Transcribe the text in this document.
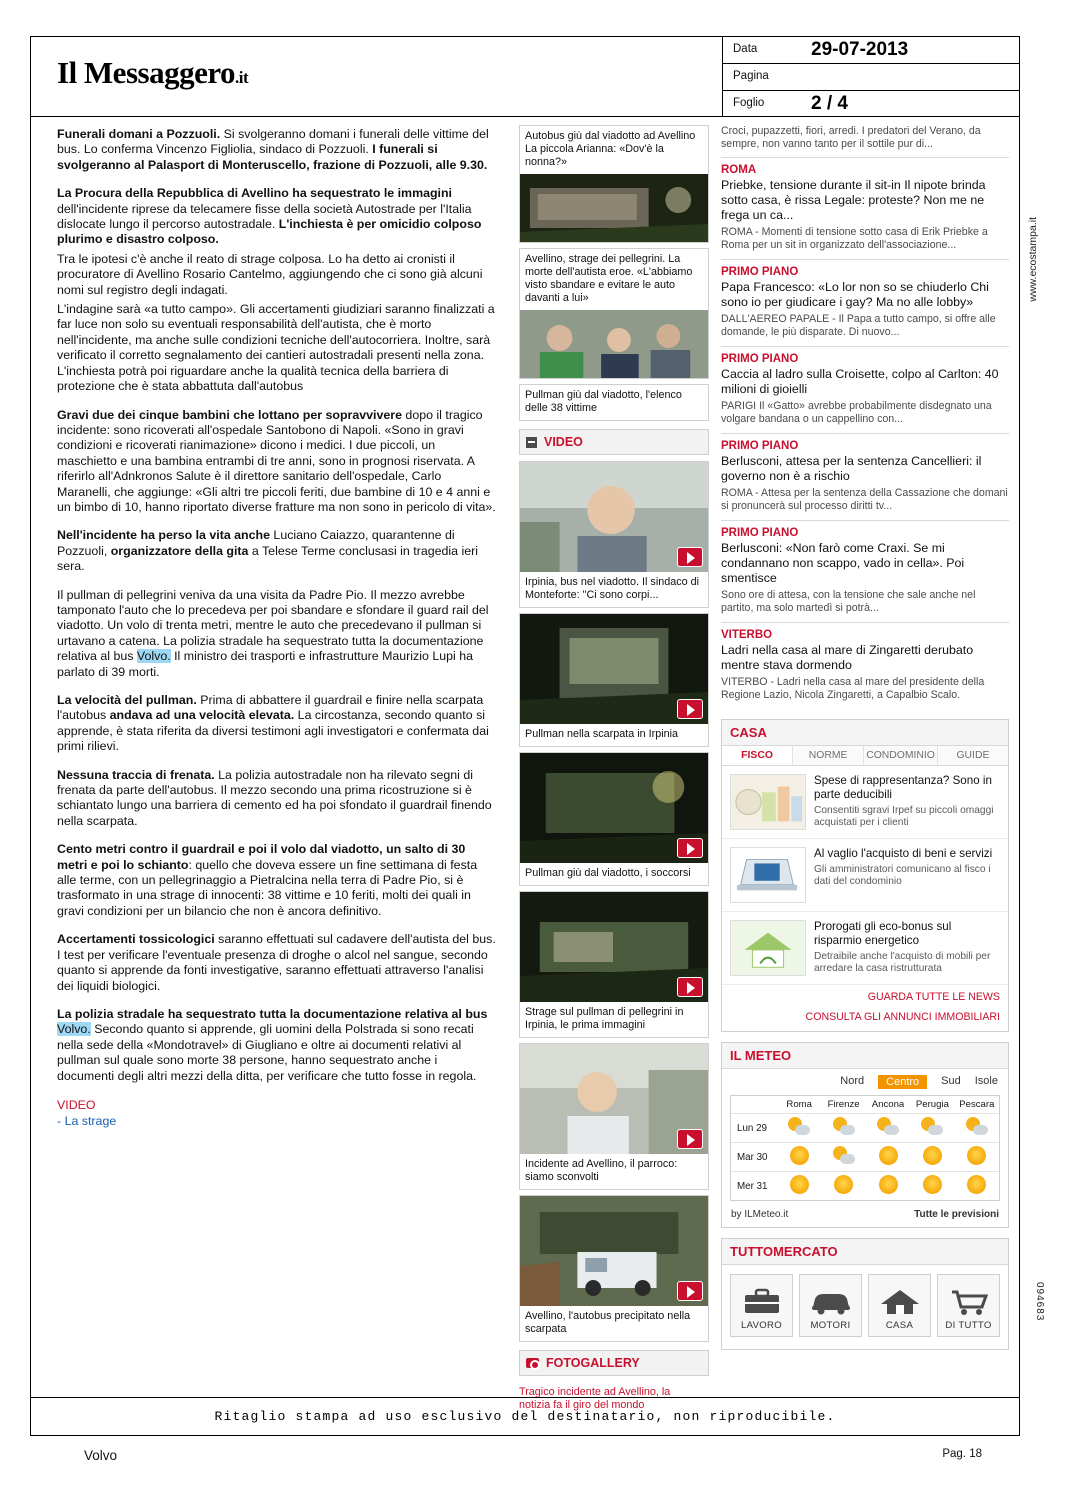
Il Messaggero.it
Data	29-07-2013
Pagina
Foglio 2 / 4
www.ecostampa.it
094683

Funerali domani a Pozzuoli. Si svolgeranno domani i funerali delle vittime del bus. Lo conferma Vincenzo Figliolia, sindaco di Pozzuoli. I funerali si svolgeranno al Palasport di Monteruscello, frazione di Pozzuoli, alle 9.30.

La Procura della Repubblica di Avellino ha sequestrato le immagini dell'incidente riprese da telecamere fisse della società Autostrade per l'Italia dislocate lungo il percorso autostradale. L'inchiesta è per omicidio colposo plurimo e disastro colposo.

Tra le ipotesi c'è anche il reato di strage colposa. Lo ha detto ai cronisti il procuratore di Avellino Rosario Cantelmo, aggiungendo che ci sono già alcuni nomi sul registro degli indagati.

L'indagine sarà «a tutto campo». Gli accertamenti giudiziari saranno finalizzati a far luce non solo su eventuali responsabilità dell'autista, che è morto nell'incidente, ma anche sulle condizioni tecniche dell'autocorriera. Inoltre, sarà verificato il corretto segnalamento dei cantieri autostradali presenti nella zona. L'inchiesta potrà poi riguardare anche la qualità tecnica della barriera di protezione che è stata abbattuta dall'autobus

Gravi due dei cinque bambini che lottano per sopravvivere dopo il tragico incidente: sono ricoverati all'ospedale Santobono di Napoli. «Sono in gravi condizioni e ricoverati rianimazione» dicono i medici. I due piccoli, un maschietto e una bambina entrambi di tre anni, sono in prognosi riservata. A riferirlo all'Adnkronos Salute è il direttore sanitario dell'ospedale, Carlo Maranelli, che aggiunge: «Gli altri tre piccoli feriti, due bambine di 10 e 4 anni e un bimbo di 10, hanno riportato diverse fratture ma non sono in pericolo di vita».

Nell'incidente ha perso la vita anche Luciano Caiazzo, quarantenne di Pozzuoli, organizzatore della gita a Telese Terme conclusasi in tragedia ieri sera.

Il pullman di pellegrini veniva da una visita da Padre Pio. Il mezzo avrebbe tamponato l'auto che lo precedeva per poi sbandare e sfondare il guard rail del viadotto. Un volo di trenta metri, mentre le auto che precedevano il pullman si urtavano a catena. La polizia stradale ha sequestrato tutta la documentazione relativa al bus Volvo. Il ministro dei trasporti e infrastrutture Maurizio Lupi ha parlato di 39 morti.

La velocità del pullman. Prima di abbattere il guardrail e finire nella scarpata l'autobus andava ad una velocità elevata. La circostanza, secondo quanto si apprende, è stata riferita da diversi testimoni agli investigatori e confermata dai primi rilievi.

Nessuna traccia di frenata. La polizia autostradale non ha rilevato segni di frenata da parte dell'autobus. Il mezzo secondo una prima ricostruzione si è schiantato lungo una barriera di cemento ed ha poi sfondato il guardrail finendo nella scarpata.

Cento metri contro il guardrail e poi il volo dal viadotto, un salto di 30 metri e poi lo schianto: quello che doveva essere un fine settimana di festa alle terme, con un pellegrinaggio a Pietralcina nella terra di Padre Pio, si è trasformato in una strage di innocenti: 38 vittime e 10 feriti, molti dei quali in gravi condizioni per un bilancio che non è ancora definitivo.

Accertamenti tossicologici saranno effettuati sul cadavere dell'autista del bus. I test per verificare l'eventuale presenza di droghe o alcol nel sangue, secondo quanto si apprende da fonti investigative, saranno effettuati attraverso l'analisi dei liquidi biologici.

La polizia stradale ha sequestrato tutta la documentazione relativa al bus Volvo. Secondo quanto si apprende, gli uomini della Polstrada si sono recati nella sede della «Mondotravel» di Giugliano e oltre ai documenti relativi al pullman sul quale sono morte 38 persone, hanno sequestrato anche i documenti degli altri mezzi della ditta, per verificare che tutto fosse in regola.

VIDEO
- La strage
Autobus giù dal viadotto ad Avellino La piccola Arianna: «Dov'è la nonna?»
Avellino, strage dei pellegrini. La morte dell'autista eroe. «L'abbiamo visto sbandare e evitare le auto davanti a lui»
Pullman giù dal viadotto, l'elenco delle 38 vittime
VIDEO
Irpinia, bus nel viadotto. Il sindaco di Monteforte: "Ci sono corpi...
Pullman nella scarpata in Irpinia
Pullman giù dal viadotto, i soccorsi
Strage sul pullman di pellegrini in Irpinia, le prima immagini
Incidente ad Avellino, il parroco: siamo sconvolti
Avellino, l'autobus precipitato nella scarpata
FOTOGALLERY
Tragico incidente ad Avellino, la notizia fa il giro del mondo
Croci, pupazzetti, fiori, arredi. I predatori del Verano, da sempre, non vanno tanto per il sottile pur di...
ROMA
Priebke, tensione durante il sit-in Il nipote brinda sotto casa, è rissa Legale: proteste? Non me ne frega un ca...
ROMA - Momenti di tensione sotto casa di Erik Priebke a Roma per un sit in organizzato dell'associazione...
PRIMO PIANO
Papa Francesco: «Lo lor non so se chiuderlo Chi sono io per giudicare i gay? Ma no alle lobby»
DALL'AEREO PAPALE - Il Papa a tutto campo, si offre alle domande, le più disparate. Di nuovo...
PRIMO PIANO
Caccia al ladro sulla Croisette, colpo al Carlton: 40 milioni di gioielli
PARIGI Il «Gatto» avrebbe probabilmente disdegnato una volgare bandana o un cappellino con...
PRIMO PIANO
Berlusconi, attesa per la sentenza Cancellieri: il governo non è a rischio
ROMA - Attesa per la sentenza della Cassazione che domani si pronuncerà sul processo diritti tv...
PRIMO PIANO
Berlusconi: «Non farò come Craxi. Se mi condannano non scappo, vado in cella». Poi smentisce
Sono ore di attesa, con la tensione che sale anche nel partito, ma solo martedì si potrà...
VITERBO
Ladri nella casa al mare di Zingaretti derubato mentre stava dormendo
VITERBO - Ladri nella casa al mare del presidente della Regione Lazio, Nicola Zingaretti, a Capalbio Scalo.
CASA
FISCO	NORME	CONDOMINIO	GUIDE
Spese di rappresentanza? Sono in parte deducibili
Consentiti sgravi Irpef su piccoli omaggi acquistati per i clienti
Al vaglio l'acquisto di beni e servizi
Gli amministratori comunicano al fisco i dati del condominio
Prorogati gli eco-bonus sul risparmio energetico
Detraibile anche l'acquisto di mobili per arredare la casa ristrutturata
GUARDA TUTTE LE NEWS
CONSULTA GLI ANNUNCI IMMOBILIARI
IL METEO
Nord	Centro	Sud Isole
Roma	Firenze	Ancona	Perugia	Pescara
Lun 29
Mar 30
Mer 31
by ILMeteo.it	Tutte le previsioni
TUTTOMERCATO
LAVORO	MOTORI	CASA	DI TUTTO
Ritaglio stampa ad uso esclusivo del destinatario, non riproducibile.
Volvo	Pag. 18
